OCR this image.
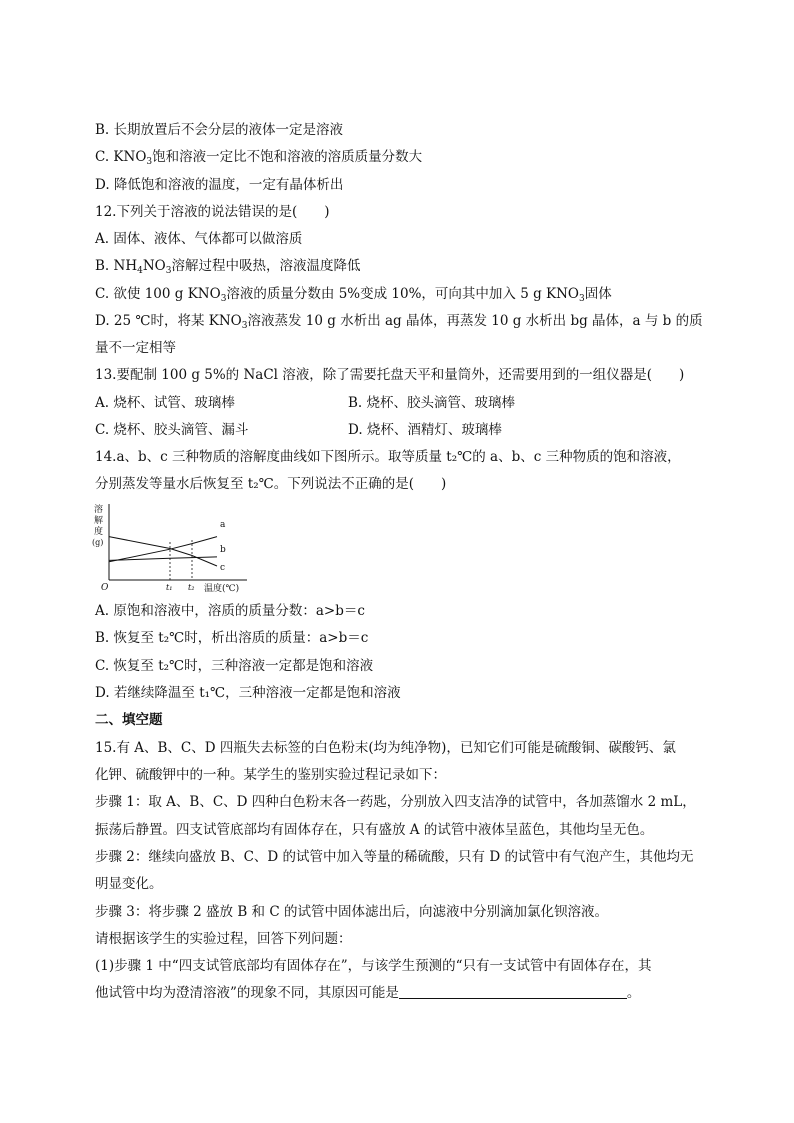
B. 长期放置后不会分层的液体一定是溶液
C. $KNO_3$饱和溶液一定比不饱和溶液的溶质质量分数大
D. 降低饱和溶液的温度，一定有晶体析出
12.下列关于溶液的说法错误的是(　　)
A. 固体、液体、气体都可以做溶质
B. $NH_4NO_3$溶解过程中吸热，溶液温度降低
C. 欲使 100 g $KNO_3$溶液的质量分数由 5%变成 10%，可向其中加入 5 g $KNO_3$固体
D. 25 ℃时，将某 $KNO_3$溶液蒸发 10 g 水析出 ag 晶体，再蒸发 10 g 水析出 bg 晶体，a 与 b 的质
量不一定相等
13.要配制 100 g 5%的 NaCl 溶液，除了需要托盘天平和量筒外，还需要用到的一组仪器是(　　)
A. 烧杯、试管、玻璃棒	B. 烧杯、胶头滴管、玻璃棒
C. 烧杯、胶头滴管、漏斗	D. 烧杯、酒精灯、玻璃棒
14.a、b、c 三种物质的溶解度曲线如下图所示。取等质量 t₂℃的 a、b、c 三种物质的饱和溶液，
分别蒸发等量水后恢复至 t₂℃。下列说法不正确的是(　　)
溶
解
度
(g)
a
b
c
O	t₁ t₂ 温度(℃)
A. 原饱和溶液中，溶质的质量分数：a>b＝c
B. 恢复至 t₂℃时，析出溶质的质量：a>b＝c
C. 恢复至 t₂℃时，三种溶液一定都是饱和溶液
D. 若继续降温至 t₁℃，三种溶液一定都是饱和溶液
二、填空题
15.有 A、B、C、D 四瓶失去标签的白色粉末(均为纯净物)，已知它们可能是硫酸铜、碳酸钙、氯
化钾、硫酸钾中的一种。某学生的鉴别实验过程记录如下：
步骤 1：取 A、B、C、D 四种白色粉末各一药匙，分别放入四支洁净的试管中，各加蒸馏水 2 mL，
振荡后静置。四支试管底部均有固体存在，只有盛放 A 的试管中液体呈蓝色，其他均呈无色。
步骤 2：继续向盛放 B、C、D 的试管中加入等量的稀硫酸，只有 D 的试管中有气泡产生，其他均无
明显变化。
步骤 3：将步骤 2 盛放 B 和 C 的试管中固体滤出后，向滤液中分别滴加氯化钡溶液。
请根据该学生的实验过程，回答下列问题：
(1)步骤 1 中“四支试管底部均有固体存在”，与该学生预测的“只有一支试管中有固体存在，其
他试管中均为澄清溶液”的现象不同，其原因可能是	。
